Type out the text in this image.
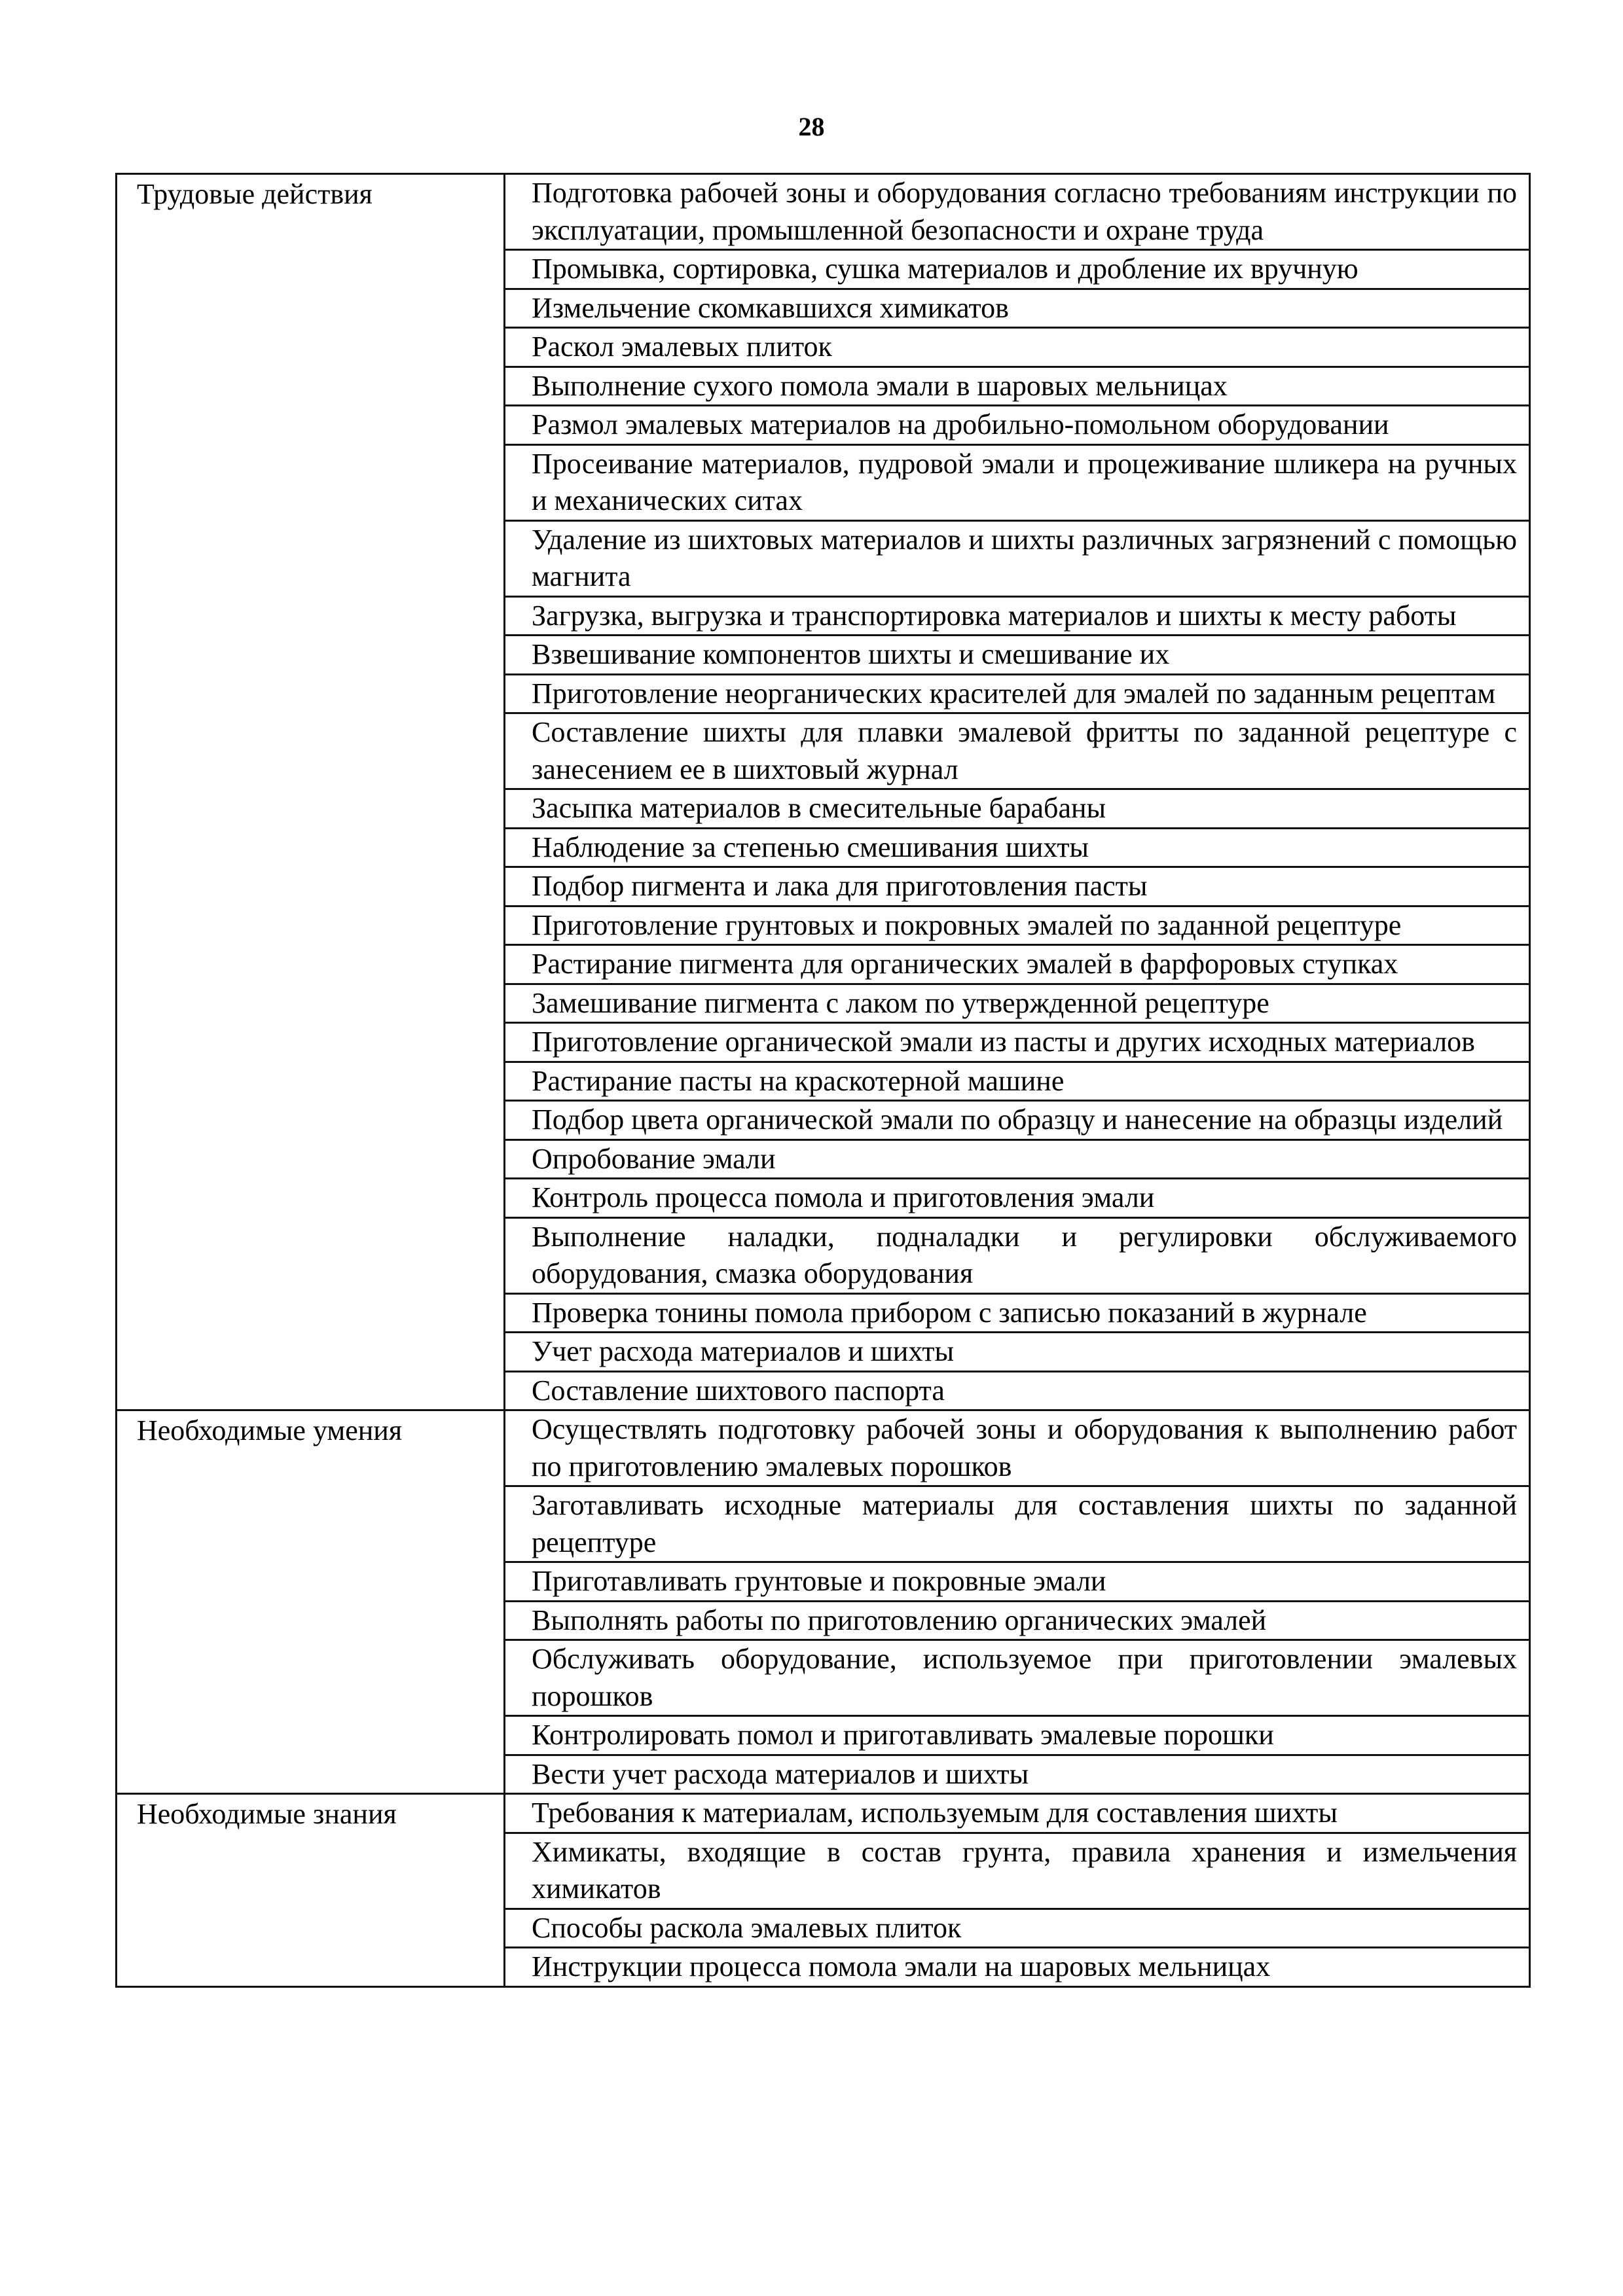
28
Трудовые действия	Подготовка рабочей зоны и оборудования согласно требованиям инструкции по эксплуатации, промышленной безопасности и охране труда
	Промывка, сортировка, сушка материалов и дробление их вручную
	Измельчение скомкавшихся химикатов
	Раскол эмалевых плиток
	Выполнение сухого помола эмали в шаровых мельницах
	Размол эмалевых материалов на дробильно-помольном оборудовании
	Просеивание материалов, пудровой эмали и процеживание шликера на ручных и механических ситах
	Удаление из шихтовых материалов и шихты различных загрязнений с помощью магнита
	Загрузка, выгрузка и транспортировка материалов и шихты к месту работы
	Взвешивание компонентов шихты и смешивание их
	Приготовление неорганических красителей для эмалей по заданным рецептам
	Составление шихты для плавки эмалевой фритты по заданной рецептуре с занесением ее в шихтовый журнал
	Засыпка материалов в смесительные барабаны
	Наблюдение за степенью смешивания шихты
	Подбор пигмента и лака для приготовления пасты
	Приготовление грунтовых и покровных эмалей по заданной рецептуре
	Растирание пигмента для органических эмалей в фарфоровых ступках
	Замешивание пигмента с лаком по утвержденной рецептуре
	Приготовление органической эмали из пасты и других исходных материалов
	Растирание пасты на краскотерной машине
	Подбор цвета органической эмали по образцу и нанесение на образцы изделий
	Опробование эмали
	Контроль процесса помола и приготовления эмали
	Выполнение наладки, подналадки и регулировки обслуживаемого оборудования, смазка оборудования
	Проверка тонины помола прибором с записью показаний в журнале
	Учет расхода материалов и шихты
	Составление шихтового паспорта
Необходимые умения	Осуществлять подготовку рабочей зоны и оборудования к выполнению работ по приготовлению эмалевых порошков
	Заготавливать исходные материалы для составления шихты по заданной рецептуре
	Приготавливать грунтовые и покровные эмали
	Выполнять работы по приготовлению органических эмалей
	Обслуживать оборудование, используемое при приготовлении эмалевых порошков
	Контролировать помол и приготавливать эмалевые порошки
	Вести учет расхода материалов и шихты
Необходимые знания	Требования к материалам, используемым для составления шихты
	Химикаты, входящие в состав грунта, правила хранения и измельчения химикатов
	Способы раскола эмалевых плиток
	Инструкции процесса помола эмали на шаровых мельницах
